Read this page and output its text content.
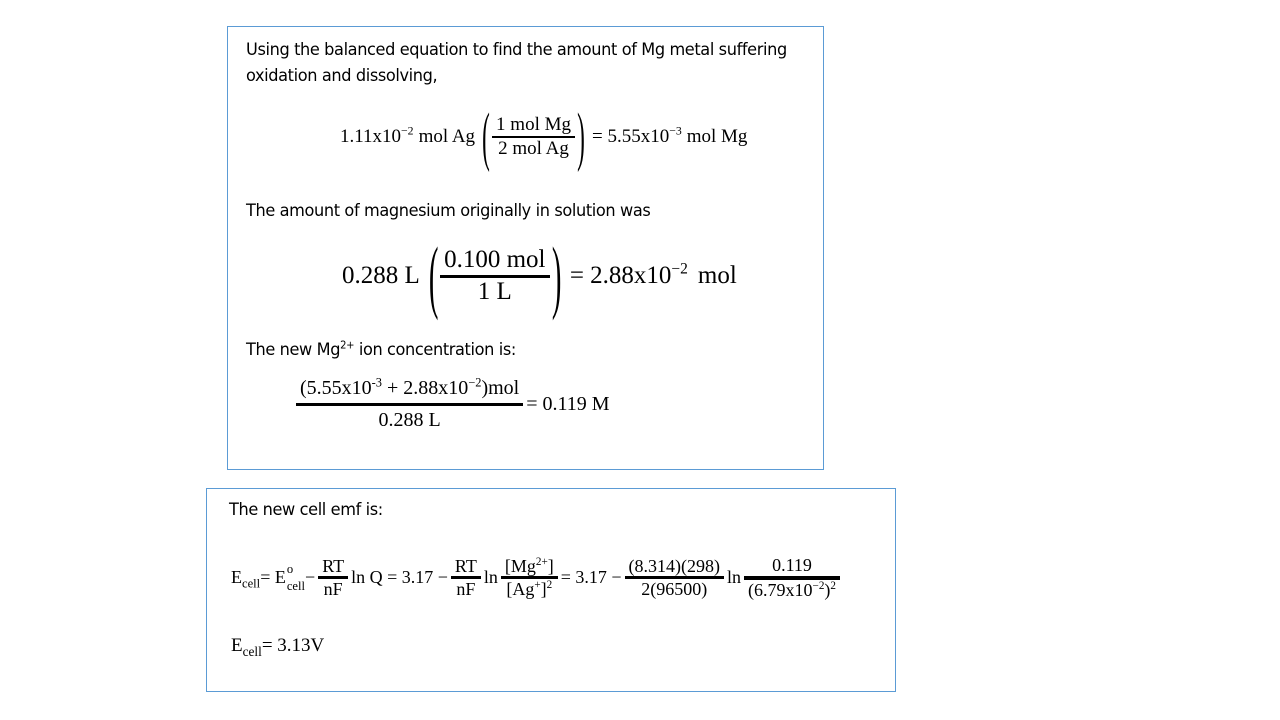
Using the balanced equation to find the amount of Mg metal suffering
oxidation and dissolving,
$1.11x10^{-2}$ mol Ag ( $\frac{\text{1 mol Mg}}{\text{2 mol Ag}}$ ) = $5.55x10^{-3}$ mol Mg
The amount of magnesium originally in solution was
0.288 L ( $\frac{\text{0.100 mol}}{1 L}$ ) = $2.88x10^{-2}$ mol
The new $Mg^{2+}$ ion concentration is:
$\frac{(5.55x10^{-3} + 2.88x10^{-2})mol}{0.288 L} = 0.119$ M
The new cell emf is:
$E_{cell} = E$ o
cell − $\frac{RT}{nF}$ $\ln Q = 3.17 - \frac{RT}{nF}$ $\ln \frac{[Mg^{2+}]}{[Ag^+]^2} = 3.17 - \frac{(8.314)(298)}{2(96500)}$ $\ln \frac{0.119}{(6.79x10^{-2})^2}$
$E_{cell} = 3.13V$
